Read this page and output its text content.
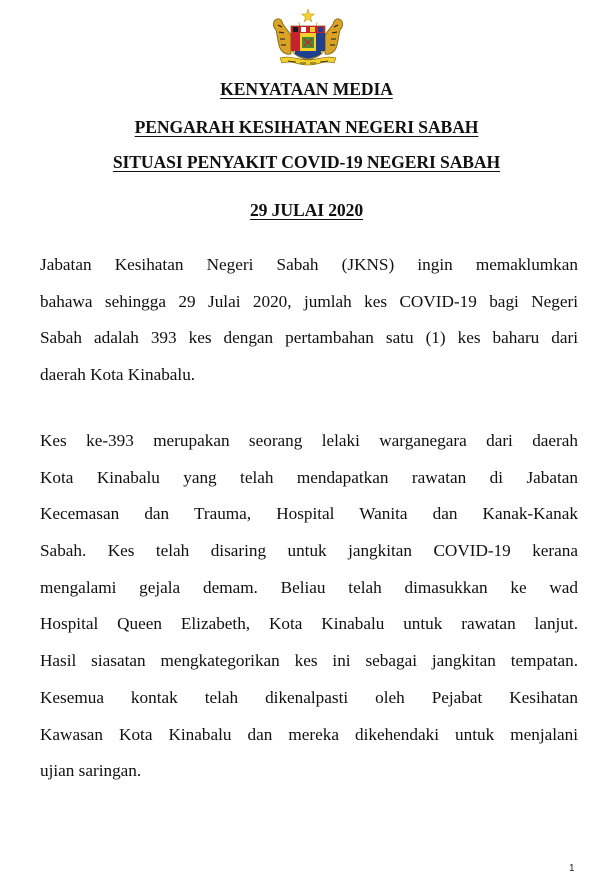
KENYATAAN MEDIA
PENGARAH KESIHATAN NEGERI SABAH
SITUASI PENYAKIT COVID-19 NEGERI SABAH
29 JULAI 2020
Jabatan Kesihatan Negeri Sabah (JKNS) ingin memaklumkan
bahawa sehingga 29 Julai 2020, jumlah kes COVID-19 bagi Negeri
Sabah adalah 393 kes dengan pertambahan satu (1) kes baharu dari
daerah Kota Kinabalu.
Kes ke-393 merupakan seorang lelaki warganegara dari daerah
Kota Kinabalu yang telah mendapatkan rawatan di Jabatan
Kecemasan dan Trauma, Hospital Wanita dan Kanak-Kanak
Sabah. Kes telah disaring untuk jangkitan COVID-19 kerana
mengalami gejala demam. Beliau telah dimasukkan ke wad
Hospital Queen Elizabeth, Kota Kinabalu untuk rawatan lanjut.
Hasil siasatan mengkategorikan kes ini sebagai jangkitan tempatan.
Kesemua kontak telah dikenalpasti oleh Pejabat Kesihatan
Kawasan Kota Kinabalu dan mereka dikehendaki untuk menjalani
ujian saringan.
1
